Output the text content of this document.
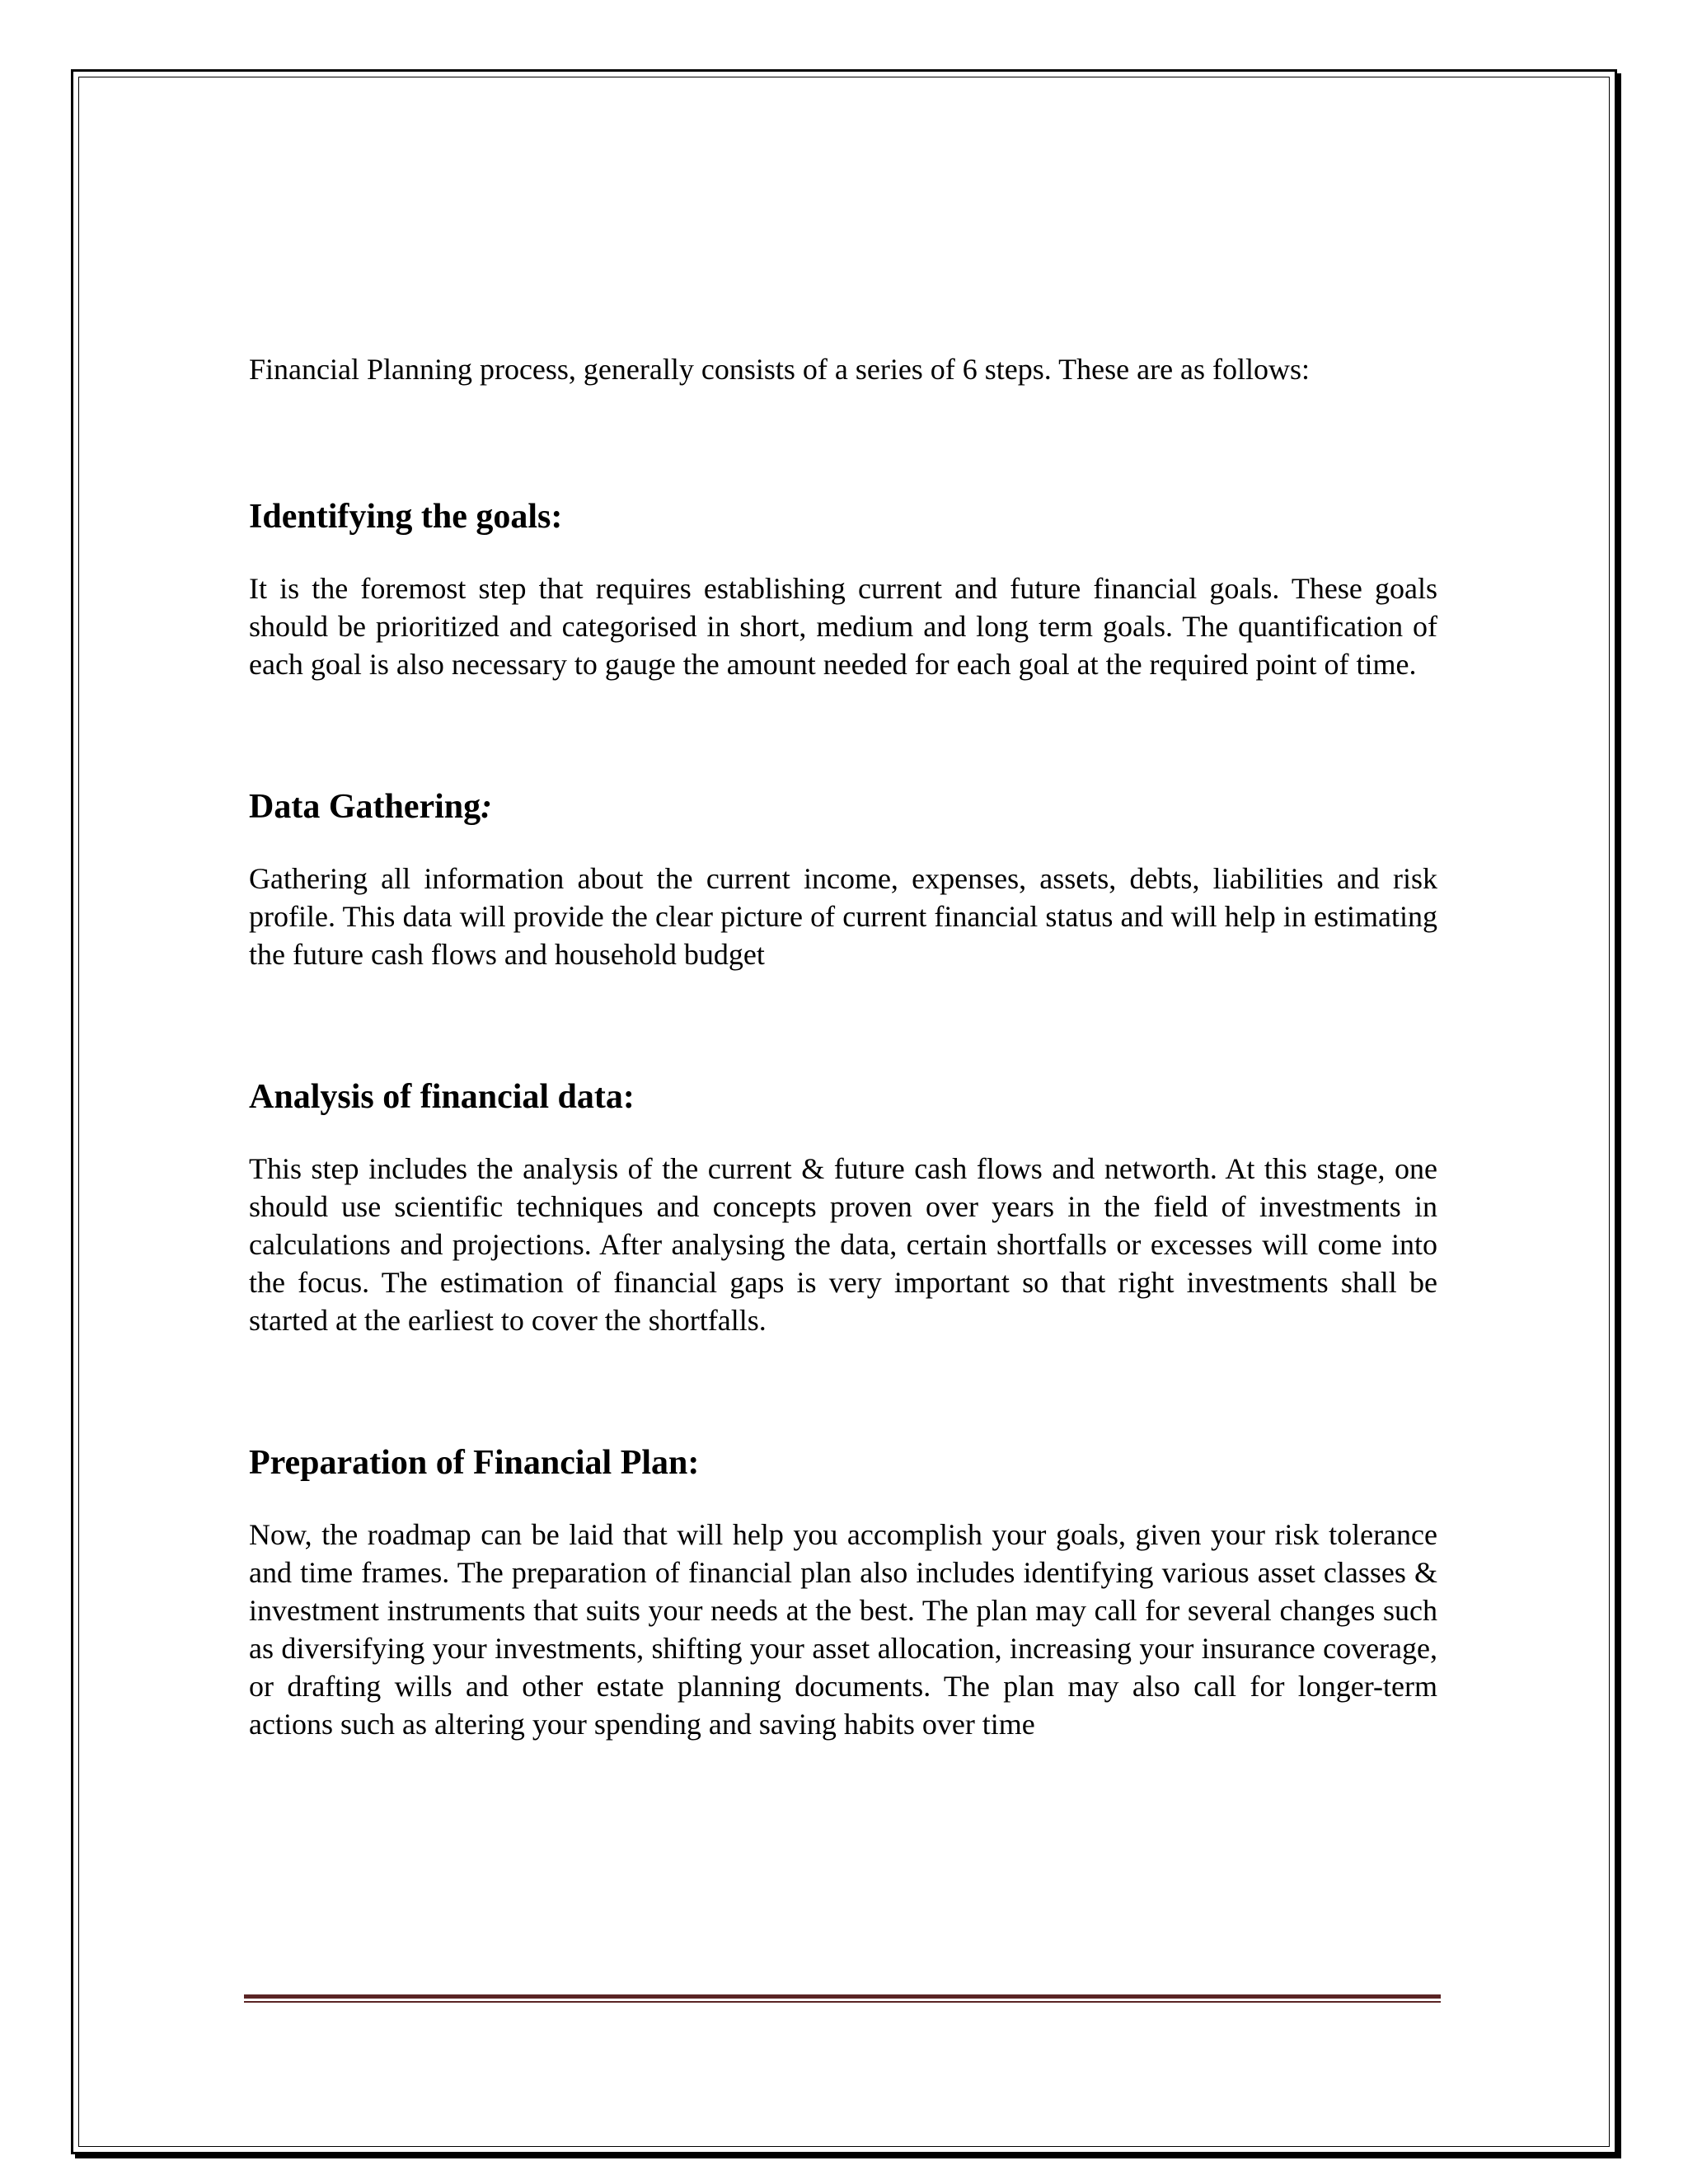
Financial Planning process, generally consists of a series of 6 steps. These are as follows:

Identifying the goals:

It is the foremost step that requires establishing current and future financial goals. These goals should be prioritized and categorised in short, medium and long term goals. The quantification of each goal is also necessary to gauge the amount needed for each goal at the required point of time.

Data Gathering:

Gathering all information about the current income, expenses, assets, debts, liabilities and risk profile. This data will provide the clear picture of current financial status and will help in estimating the future cash flows and household budget

Analysis of financial data:

This step includes the analysis of the current & future cash flows and networth. At this stage, one should use scientific techniques and concepts proven over years in the field of investments in calculations and projections. After analysing the data, certain shortfalls or excesses will come into the focus. The estimation of financial gaps is very important so that right investments shall be started at the earliest to cover the shortfalls.

Preparation of Financial Plan:

Now, the roadmap can be laid that will help you accomplish your goals, given your risk tolerance and time frames. The preparation of financial plan also includes identifying various asset classes & investment instruments that suits your needs at the best. The plan may call for several changes such as diversifying your investments, shifting your asset allocation, increasing your insurance coverage, or drafting wills and other estate planning documents. The plan may also call for longer-term actions such as altering your spending and saving habits over time
